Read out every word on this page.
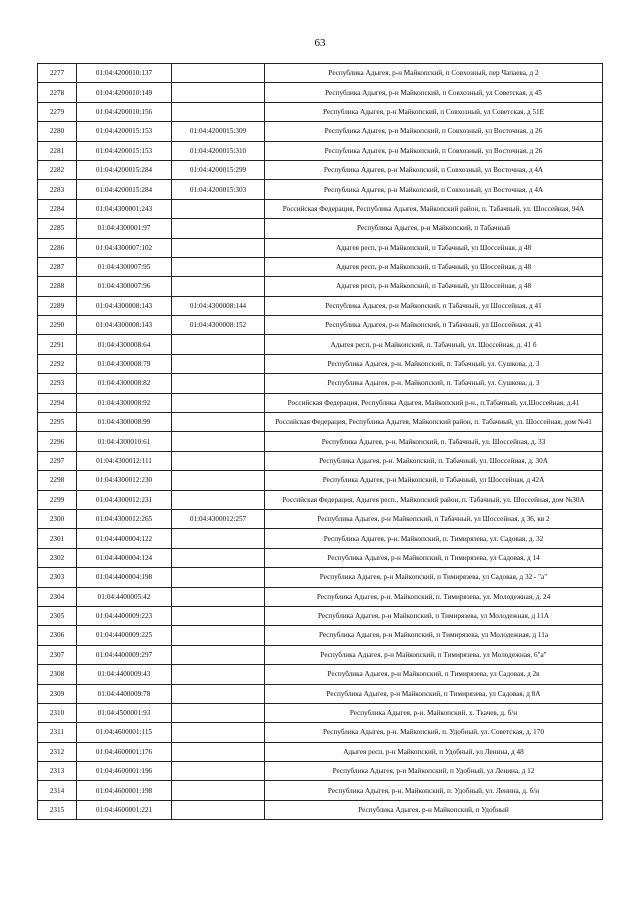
63
2277	01:04:4200010:137		Республика Адыгея, р-н Майкопский, п Совхозный, пер Чапаева, д 2
2278	01:04:4200010:149		Республика Адыгея, р-н Майкопский, п Совхозный, ул Советская, д 45
2279	01:04:4200010:156		Республика Адыгея, р-н Майкопский, п Совхозный, ул Советская, д 51Е
2280	01:04:4200015:153	01:04:4200015:309	Республика Адыгея, р-н Майкопский, п Совхозный, ул Восточная, д 26
2281	01:04:4200015:153	01:04:4200015:310	Республика Адыгея, р-н Майкопский, п Совхозный, ул Восточная, д 26
2282	01:04:4200015:284	01:04:4200015:299	Республика Адыгея, р-н Майкопский, п Совхозный, ул Восточная, д 4А
2283	01:04:4200015:284	01:04:4200015:303	Республика Адыгея, р-н Майкопский, п Совхозный, ул Восточная, д 4А
2284	01:04:4300001:243		Российская Федерация, Республика Адыгея, Майкопский район, п. Табачный, ул. Шоссейная, 94А
2285	01:04:4300001:97		Республика Адыгея, р-н Майкопский, п Табачный
2286	01:04:4300007:102		Адыгея респ, р-н Майкопский, п Табачный, ул Шоссейная, д 48
2287	01:04:4300007:95		Адыгея респ, р-н Майкопский, п Табачный, ул Шоссейная, д 48
2288	01:04:4300007:96		Адыгея респ, р-н Майкопский, п Табачный, ул Шоссейная, д 48
2289	01:04:4300008:143	01:04:4300008:144	Республика Адыгея, р-н Майкопский, п Табачный, ул Шоссейная, д 41
2290	01:04:4300008:143	01:04:4300008:152	Республика Адыгея, р-н Майкопский, п Табачный, ул Шоссейная, д 41
2291	01:04:4300008:64		Адыгея респ, р-н Майкопский, п. Табачный, ул. Шоссейная, д. 41 б
2292	01:04:4300008:79		Республика Адыгея, р-н. Майкопский, п. Табачный, ул. Сушкова, д. 3
2293	01:04:4300008:82		Республика Адыгея, р-н. Майкопский, п. Табачный, ул. Сушкова, д. 3
2294	01:04:4300008:92		Российская Федерация, Республика Адыгея, Майкопский р-н., п.Табачный, ул.Шоссейная, д.41
2295	01:04:4300008:99		Российская Федерация, Республика Адыгея, Майкопский район, п. Табачный, ул. Шоссейная, дом №41
2296	01:04:4300010:61		Республика Адыгея, р-н. Майкопский, п. Табачный, ул. Шоссейная, д. 33
2297	01:04:4300012:111		Республика Адыгея, р-н. Майкопский, п. Табачный, ул. Шоссейная, д. 30А
2298	01:04:4300012:230		Республика Адыгея, р-н Майкопский, п Табачный, ул Шоссейная, д 42А
2299	01:04:4300012:231		Российская Федерация, Адыгея респ., Майкопский район, п. Табачный, ул. Шоссейная, дом №30А
2300	01:04:4300012:265	01:04:4300012:257	Республика Адыгея, р-н Майкопский, п Табачный, ул Шоссейная, д 36, кв 2
2301	01:04:4400004:122		Республика Адыгея, р-н. Майкопский, п. Тимирязева, ул. Садовая, д. 32
2302	01:04:4400004:124		Республика Адыгея, р-н Майкопский, п Тимирязева, ул Садовая, д 14
2303	01:04:4400004:198		Республика Адыгея, р-н Майкопский, п Тимирязева, ул Садовая, д 32 - "а"
2304	01:04:4400005:42		Республика Адыгея, р-н. Майкопский, п. Тимирязева, ул. Молодежная, д. 24
2305	01:04:4400009:223		Республика Адыгея, р-н Майкопский, п Тимирязева, ул Молодежная, д 11А
2306	01:04:4400009:225		Республика Адыгея, р-н Майкопский, п Тимирязева, ул Молодежная, д 11а
2307	01:04:4400009:297		Республика Адыгея, р-н Майкопский, п Тимирязева, ул Молодежная, 6"а"
2308	01:04:4400009:43		Республика Адыгея, р-н Майкопский, п Тимирязева, ул Садовая, д 2в
2309	01:04:4400009:78		Республика Адыгея, р-н Майкопский, п Тимирязева, ул Садовая, д 8А
2310	01:04:4500001:93		Республика Адыгея, р-н. Майкопский, х. Ткачев, д. б/н
2311	01:04:4600001:115		Республика Адыгея, р-н. Майкопский, п. Удобный, ул. Советская, д. 170
2312	01:04:4600001:176		Адыгея респ, р-н Майкопский, п Удобный, ул Ленина, д 48
2313	01:04:4600001:196		Республика Адыгея, р-н Майкопский, п Удобный, ул Ленина, д 12
2314	01:04:4600001:198		Республика Адыгея, р-н. Майкопский, п. Удобный, ул. Ленина, д. б/н
2315	01:04:4600001:221		Республика Адыгея, р-н Майкопский, п Удобный
